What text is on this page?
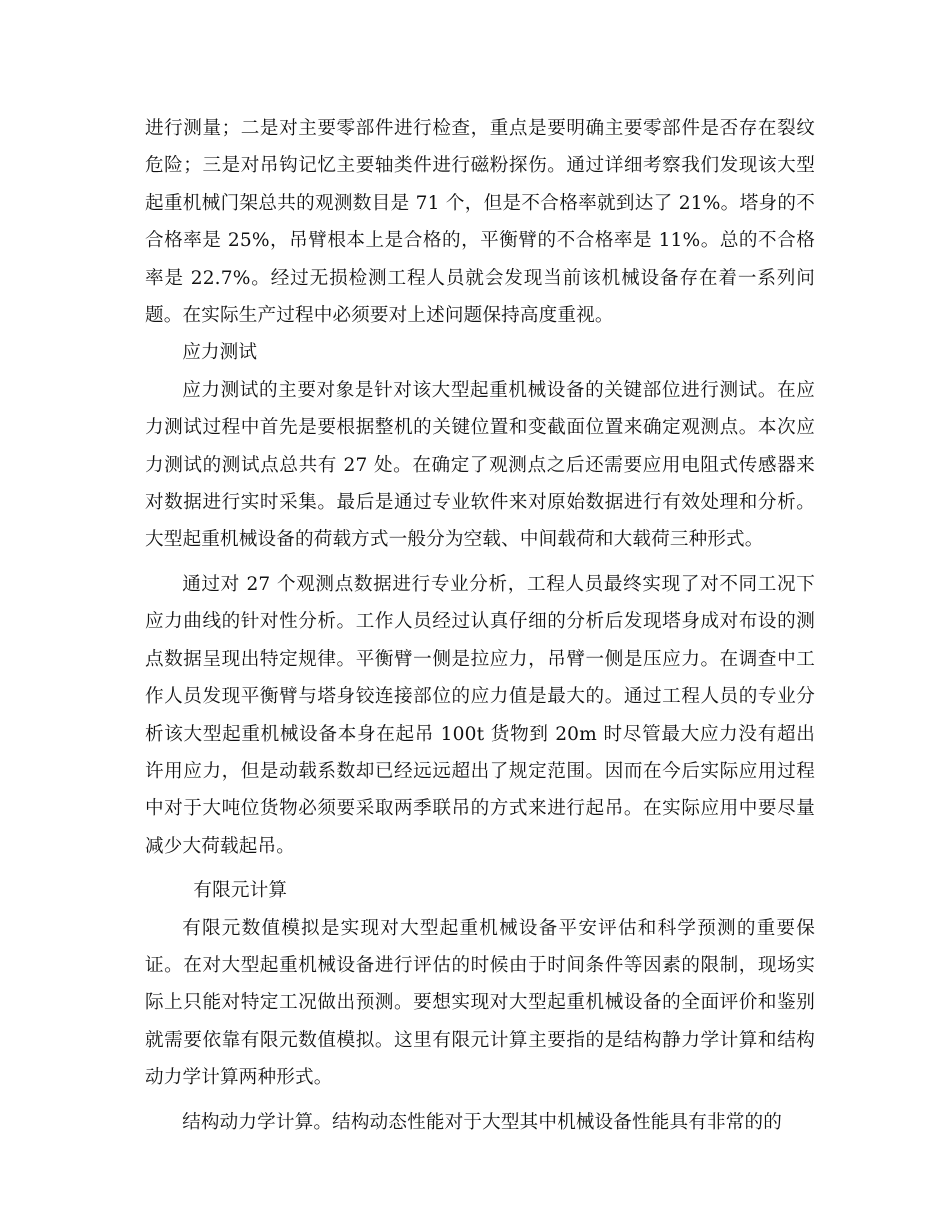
进行测量；二是对主要零部件进行检查，重点是要明确主要零部件是否存在裂纹危险；三是对吊钩记忆主要轴类件进行磁粉探伤。通过详细考察我们发现该大型起重机械门架总共的观测数目是 71 个，但是不合格率就到达了 21%。塔身的不合格率是 25%，吊臂根本上是合格的，平衡臂的不合格率是 11%。总的不合格率是 22.7%。经过无损检测工程人员就会发现当前该机械设备存在着一系列问题。在实际生产过程中必须要对上述问题保持高度重视。

应力测试

应力测试的主要对象是针对该大型起重机械设备的关键部位进行测试。在应力测试过程中首先是要根据整机的关键位置和变截面位置来确定观测点。本次应力测试的测试点总共有 27 处。在确定了观测点之后还需要应用电阻式传感器来对数据进行实时采集。最后是通过专业软件来对原始数据进行有效处理和分析。大型起重机械设备的荷载方式一般分为空载、中间载荷和大载荷三种形式。

通过对 27 个观测点数据进行专业分析，工程人员最终实现了对不同工况下应力曲线的针对性分析。工作人员经过认真仔细的分析后发现塔身成对布设的测点数据呈现出特定规律。平衡臂一侧是拉应力，吊臂一侧是压应力。在调查中工作人员发现平衡臂与塔身铰连接部位的应力值是最大的。通过工程人员的专业分析该大型起重机械设备本身在起吊 100t 货物到 20m 时尽管最大应力没有超出许用应力，但是动载系数却已经远远超出了规定范围。因而在今后实际应用过程中对于大吨位货物必须要采取两季联吊的方式来进行起吊。在实际应用中要尽量减少大荷载起吊。

有限元计算

有限元数值模拟是实现对大型起重机械设备平安评估和科学预测的重要保证。在对大型起重机械设备进行评估的时候由于时间条件等因素的限制，现场实际上只能对特定工况做出预测。要想实现对大型起重机械设备的全面评价和鉴别就需要依靠有限元数值模拟。这里有限元计算主要指的是结构静力学计算和结构动力学计算两种形式。

结构动力学计算。结构动态性能对于大型其中机械设备性能具有非常的的
